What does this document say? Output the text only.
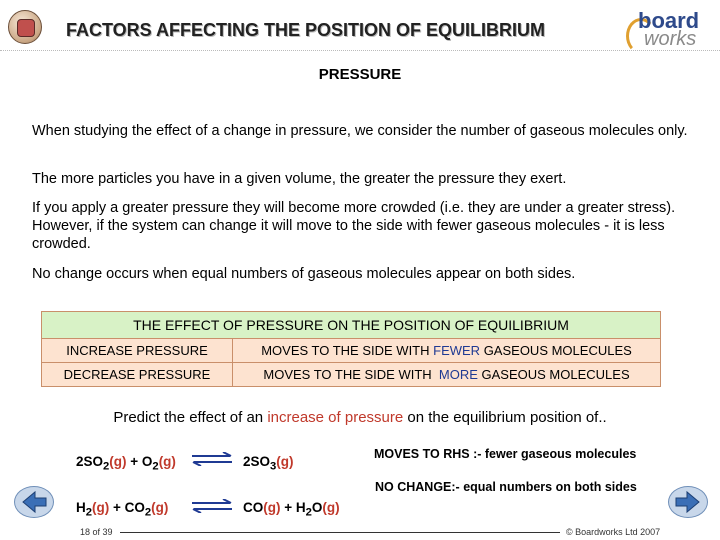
FACTORS AFFECTING THE POSITION OF EQUILIBRIUM	board
works
PRESSURE
When studying the effect of a change in pressure, we consider the number of gaseous molecules only.
The more particles you have in a given volume, the greater the pressure they exert.
If you apply a greater pressure they will become more crowded (i.e. they are under a greater stress). However, if the system can change it will move to the side with fewer gaseous molecules - it is less crowded.
No change occurs when equal numbers of gaseous molecules appear on both sides.
THE EFFECT OF PRESSURE ON THE POSITION OF EQUILIBRIUM	
INCREASE PRESSURE	MOVES TO THE SIDE WITH FEWER GASEOUS MOLECULES
DECREASE PRESSURE	MOVES TO THE SIDE WITH  MORE GASEOUS MOLECULES
Predict the effect of an increase of pressure on the equilibrium position of..
$2SO_2(g) + O_2(g)$ ⇌ $2SO_3(g)$	MOVES TO RHS :- fewer gaseous molecules
NO CHANGE:- equal numbers on both sides
$H_2(g) + CO_2(g)$ ⇌ $CO(g) + H_2O(g)$
18 of 39	© Boardworks Ltd 2007
